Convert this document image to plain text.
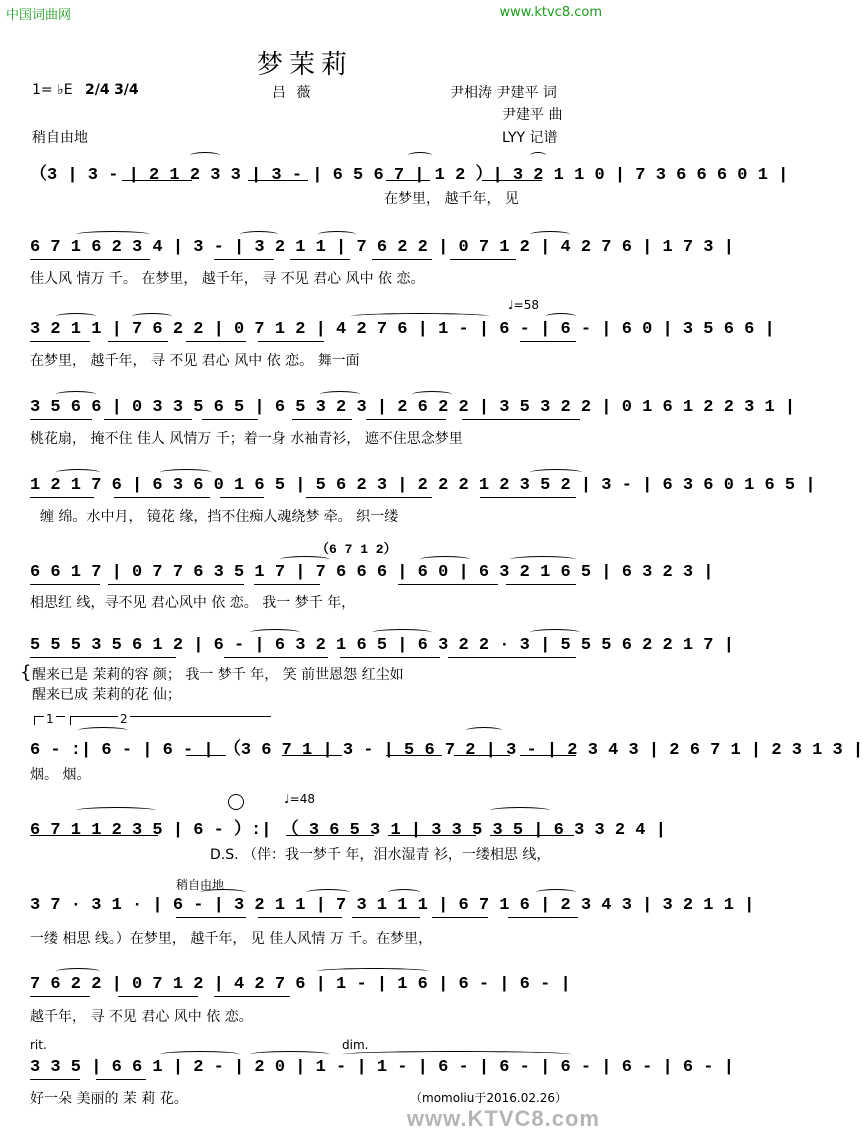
中国词曲网	www.ktvc8.com
梦茉莉
吕 薇
1= ♭E 2/4 3/4	尹相涛 尹建平 词
尹建平 曲
稍自由地	LYY 记谱
（3 | 3 - | 2 1 2 3 3 | 3 - | 6 5 6 7 | 1 2 ）| 3 2 1 1 0 | 7 3 6 6 6 0 1 |
在梦里， 越千年， 见
6 7 1 6 2 3 4 | 3 - | 3 2 1 1 | 7 6 2 2 | 0 7 1 2 | 4 2 7 6 | 1 7 3 |
佳人风 情万 千。 在梦里， 越千年， 寻 不见 君心 风中 依 恋。
♩=58
3 2 1 1 | 7 6 2 2 | 0 7 1 2 | 4 2 7 6 | 1 - | 6 - | 6 - | 6 0 | 3 5 6 6 |
在梦里， 越千年， 寻 不见 君心 风中 依 恋。 舞一面
3 5 6 6 | 0 3 3 5 6 5 | 6 5 3 2 3 | 2 6 2 2 | 3 5 3 2 2 | 0 1 6 1 2 2 3 1 |
桃花扇， 掩不住 佳人 风情万 千；着一身 水袖青衫， 遮不住思念梦里
1 2 1 7 6 | 6 3 6 0 1 6 5 | 5 6 2 3 | 2 2 2 1 2 3 5 2 | 3 - | 6 3 6 0 1 6 5 |
缠 绵。水中月， 镜花 缘，挡不住痴人魂绕梦 牵。 织一缕
（6 7 1 2）
6 6 1 7 | 0 7 7 6 3 5 1 7 | 7 6 6 6 | 6 0 | 6 3 2 1 6 5 | 6 3 2 3 |
相思红 线，寻不见 君心风中 依 恋。 我一 梦千 年，
5 5 5 3 5 6 1 2 | 6 - | 6 3 2 1 6 5 | 6 3 2 2 · 3 | 5 5 5 6 2 2 1 7 |
{ 醒来已是 茉莉的容 颜； 我一 梦千 年， 笑 前世恩怨 红尘如
醒来已成 茉莉的花 仙；
1	2
6 - :| 6 - | 6 - | （3 6 7 1 | 3 - | 5 6 7 2 | 3 - | 2 3 4 3 | 2 6 7 1 | 2 3 1 3 |
烟。 烟。
♩=48
6 7 1 1 2 3 5 | 6 - ）:| （ 3 6 5 3 1 | 3 3 5 3 5 | 6 3 3 2 4 |
D.S. （伴：我一梦千 年，泪水湿青 衫，一缕相思 线，
稍自由地
3 7 · 3 1 · | 6 - | 3 2 1 1 | 7 3 1 1 1 | 6 7 1 6 | 2 3 4 3 | 3 2 1 1 |
一缕 相思 线。）在梦里， 越千年， 见 佳人风情 万 千。在梦里，
7 6 2 2 | 0 7 1 2 | 4 2 7 6 | 1 - | 1 6 | 6 - | 6 - |
越千年， 寻 不见 君心 风中 依 恋。
rit.	dim.
3 3 5 | 6 6 1 | 2 - | 2 0 | 1 - | 1 - | 6 - | 6 - | 6 - | 6 - | 6 - |
好一朵 美丽的 茉 莉 花。	（momoliu于2016.02.26）
www.KTVC8.com
